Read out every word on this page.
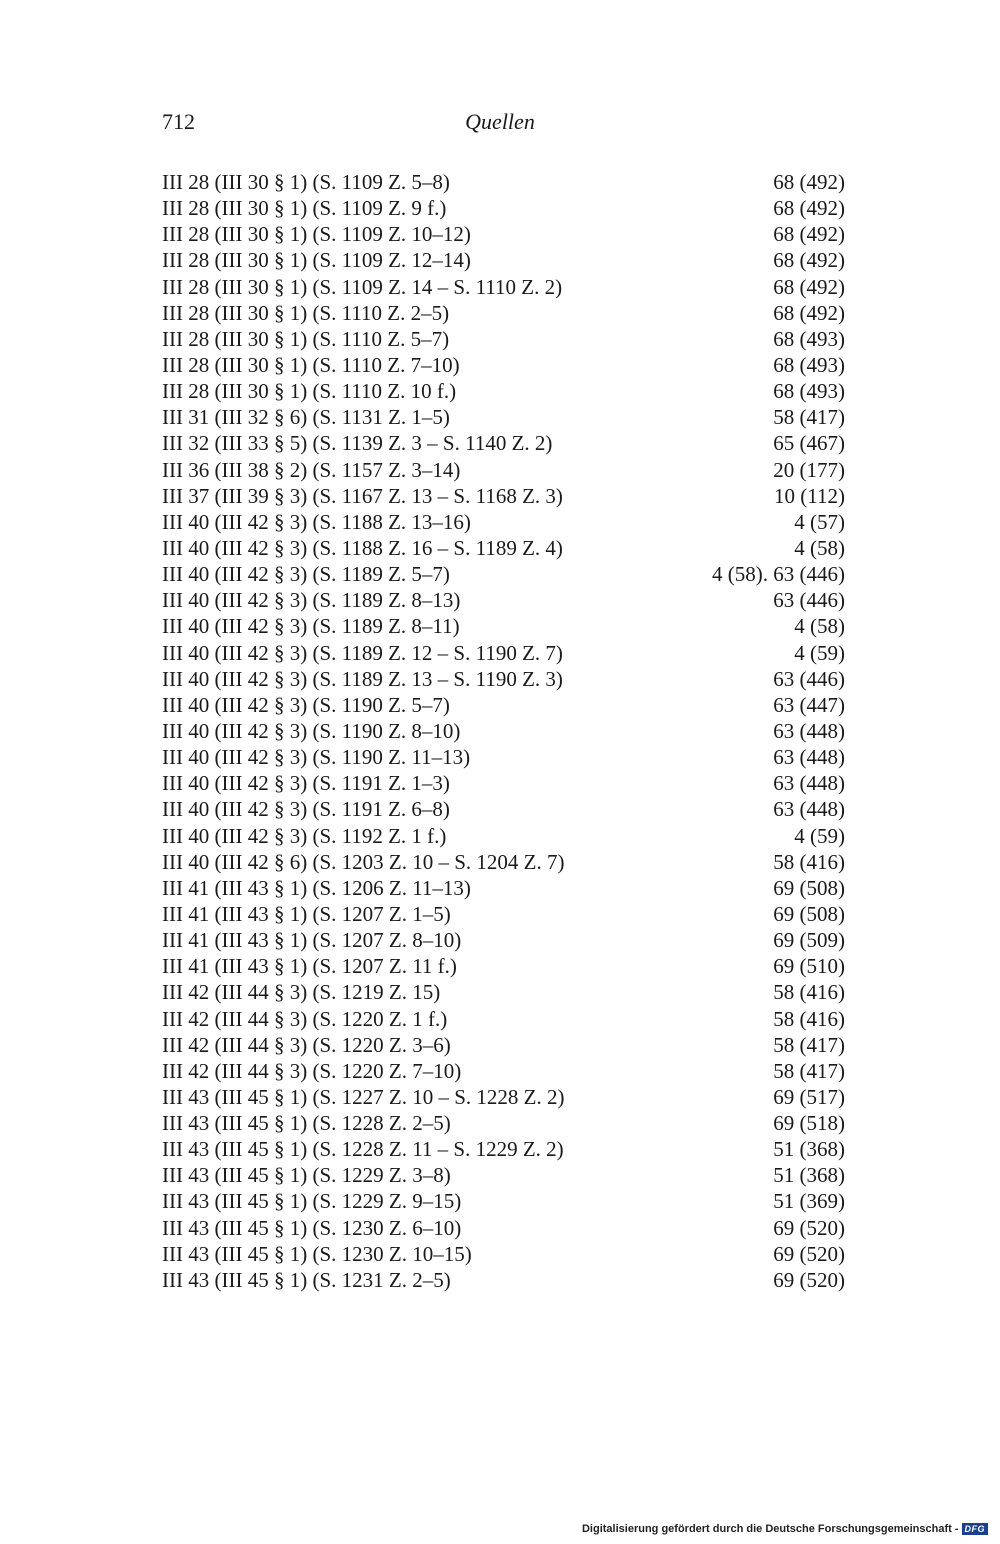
712	Quellen
III 28 (III 30 § 1) (S. 1109 Z. 5–8)	68 (492)
III 28 (III 30 § 1) (S. 1109 Z. 9 f.)	68 (492)
III 28 (III 30 § 1) (S. 1109 Z. 10–12)	68 (492)
III 28 (III 30 § 1) (S. 1109 Z. 12–14)	68 (492)
III 28 (III 30 § 1) (S. 1109 Z. 14 – S. 1110 Z. 2)	68 (492)
III 28 (III 30 § 1) (S. 1110 Z. 2–5)	68 (492)
III 28 (III 30 § 1) (S. 1110 Z. 5–7)	68 (493)
III 28 (III 30 § 1) (S. 1110 Z. 7–10)	68 (493)
III 28 (III 30 § 1) (S. 1110 Z. 10 f.)	68 (493)
III 31 (III 32 § 6) (S. 1131 Z. 1–5)	58 (417)
III 32 (III 33 § 5) (S. 1139 Z. 3 – S. 1140 Z. 2)	65 (467)
III 36 (III 38 § 2) (S. 1157 Z. 3–14)	20 (177)
III 37 (III 39 § 3) (S. 1167 Z. 13 – S. 1168 Z. 3)	10 (112)
III 40 (III 42 § 3) (S. 1188 Z. 13–16)	4 (57)
III 40 (III 42 § 3) (S. 1188 Z. 16 – S. 1189 Z. 4)	4 (58)
III 40 (III 42 § 3) (S. 1189 Z. 5–7)	4 (58). 63 (446)
III 40 (III 42 § 3) (S. 1189 Z. 8–13)	63 (446)
III 40 (III 42 § 3) (S. 1189 Z. 8–11)	4 (58)
III 40 (III 42 § 3) (S. 1189 Z. 12 – S. 1190 Z. 7)	4 (59)
III 40 (III 42 § 3) (S. 1189 Z. 13 – S. 1190 Z. 3)	63 (446)
III 40 (III 42 § 3) (S. 1190 Z. 5–7)	63 (447)
III 40 (III 42 § 3) (S. 1190 Z. 8–10)	63 (448)
III 40 (III 42 § 3) (S. 1190 Z. 11–13)	63 (448)
III 40 (III 42 § 3) (S. 1191 Z. 1–3)	63 (448)
III 40 (III 42 § 3) (S. 1191 Z. 6–8)	63 (448)
III 40 (III 42 § 3) (S. 1192 Z. 1 f.)	4 (59)
III 40 (III 42 § 6) (S. 1203 Z. 10 – S. 1204 Z. 7)	58 (416)
III 41 (III 43 § 1) (S. 1206 Z. 11–13)	69 (508)
III 41 (III 43 § 1) (S. 1207 Z. 1–5)	69 (508)
III 41 (III 43 § 1) (S. 1207 Z. 8–10)	69 (509)
III 41 (III 43 § 1) (S. 1207 Z. 11 f.)	69 (510)
III 42 (III 44 § 3) (S. 1219 Z. 15)	58 (416)
III 42 (III 44 § 3) (S. 1220 Z. 1 f.)	58 (416)
III 42 (III 44 § 3) (S. 1220 Z. 3–6)	58 (417)
III 42 (III 44 § 3) (S. 1220 Z. 7–10)	58 (417)
III 43 (III 45 § 1) (S. 1227 Z. 10 – S. 1228 Z. 2)	69 (517)
III 43 (III 45 § 1) (S. 1228 Z. 2–5)	69 (518)
III 43 (III 45 § 1) (S. 1228 Z. 11 – S. 1229 Z. 2)	51 (368)
III 43 (III 45 § 1) (S. 1229 Z. 3–8)	51 (368)
III 43 (III 45 § 1) (S. 1229 Z. 9–15)	51 (369)
III 43 (III 45 § 1) (S. 1230 Z. 6–10)	69 (520)
III 43 (III 45 § 1) (S. 1230 Z. 10–15)	69 (520)
III 43 (III 45 § 1) (S. 1231 Z. 2–5)	69 (520)
Digitalisierung gefördert durch die Deutsche Forschungsgemeinschaft - DFG
